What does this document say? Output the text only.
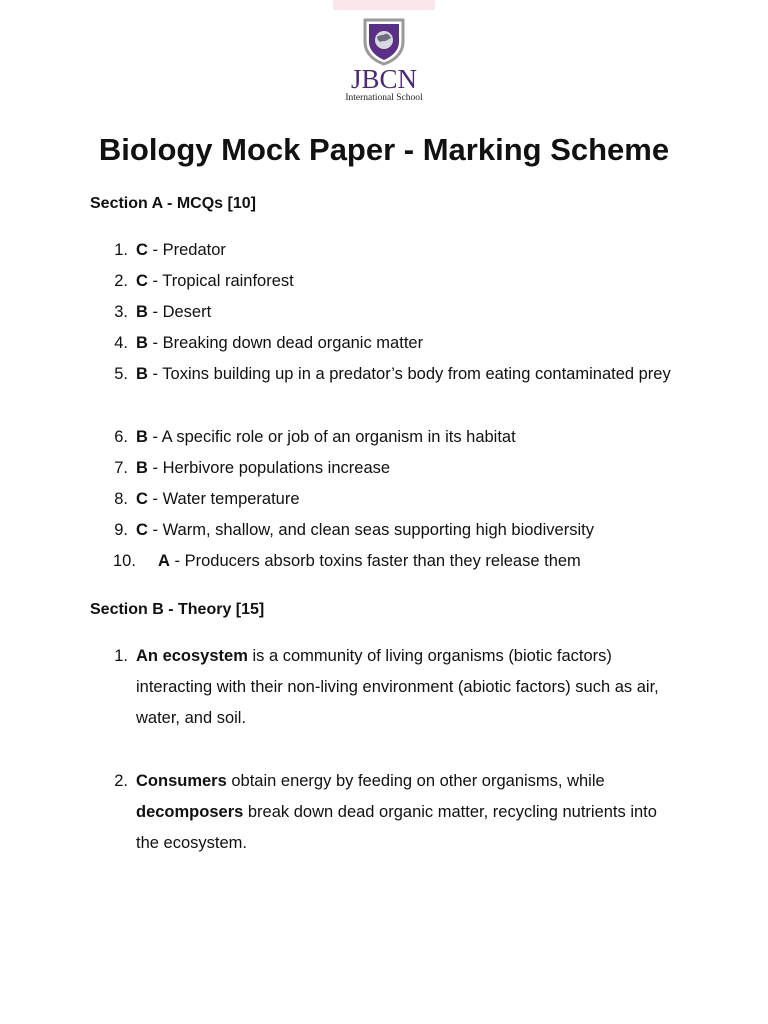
JBCN
International School
Biology Mock Paper - Marking Scheme
Section A - MCQs [10]
1. C - Predator
2. C - Tropical rainforest
3. B - Desert
4. B - Breaking down dead organic matter
5. B - Toxins building up in a predator’s body from eating contaminated prey
6. B - A specific role or job of an organism in its habitat
7. B - Herbivore populations increase
8. C - Water temperature
9. C - Warm, shallow, and clean seas supporting high biodiversity
10. A - Producers absorb toxins faster than they release them
Section B - Theory [15]
1. An ecosystem is a community of living organisms (biotic factors) interacting with their non-living environment (abiotic factors) such as air, water, and soil.
2. Consumers obtain energy by feeding on other organisms, while decomposers break down dead organic matter, recycling nutrients into the ecosystem.
